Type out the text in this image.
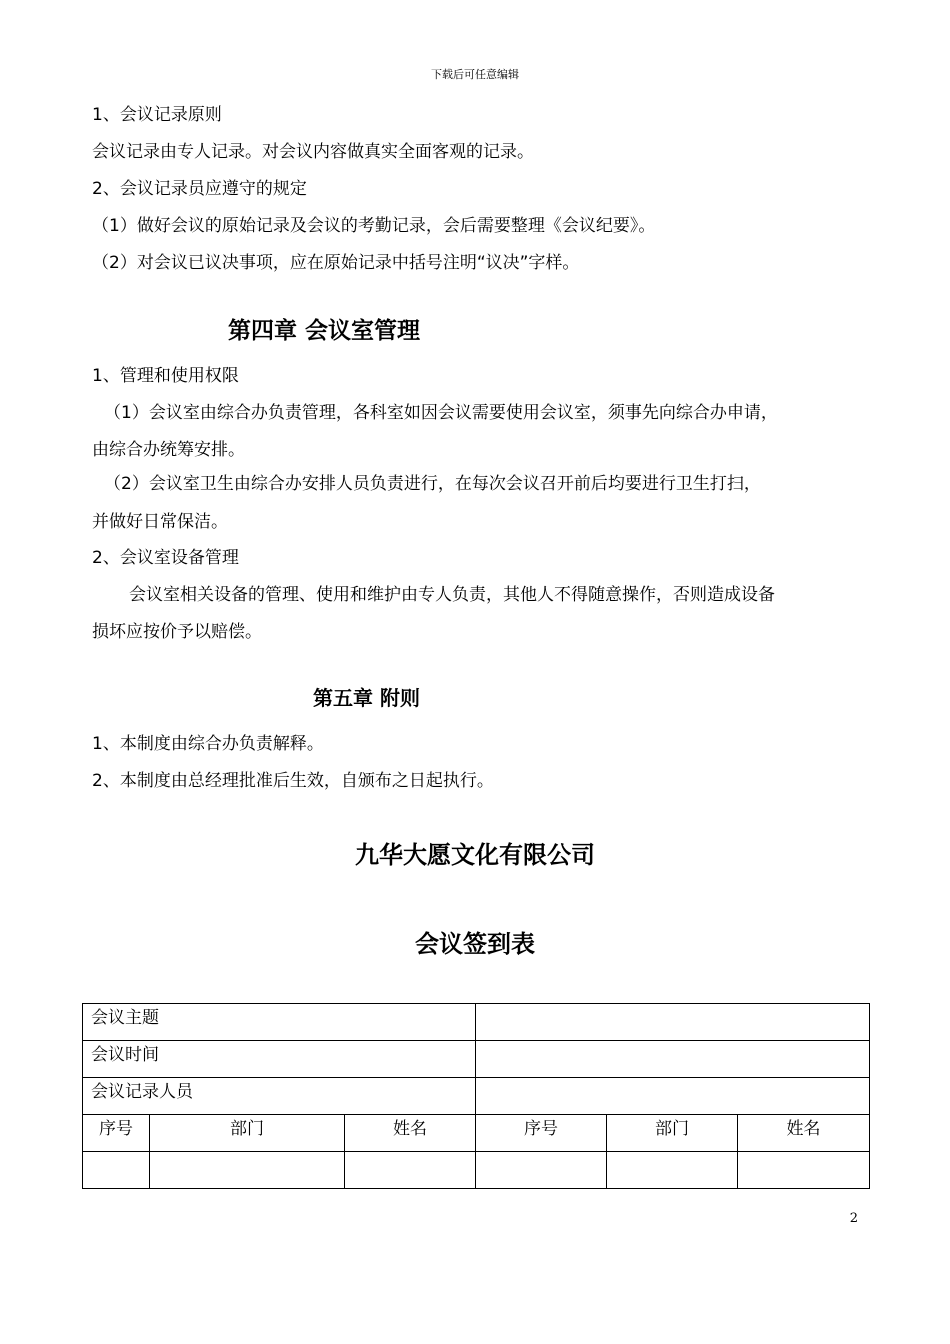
下载后可任意编辑
1、会议记录原则
会议记录由专人记录。对会议内容做真实全面客观的记录。
2、会议记录员应遵守的规定
（1）做好会议的原始记录及会议的考勤记录，会后需要整理《会议纪要》。
（2）对会议已议决事项，应在原始记录中括号注明“议决”字样。
第四章 会议室管理
1、管理和使用权限
（1）会议室由综合办负责管理，各科室如因会议需要使用会议室，须事先向综合办申请，
由综合办统筹安排。
（2）会议室卫生由综合办安排人员负责进行，在每次会议召开前后均要进行卫生打扫，
并做好日常保洁。
2、会议室设备管理
会议室相关设备的管理、使用和维护由专人负责，其他人不得随意操作，否则造成设备
损坏应按价予以赔偿。
第五章 附则
1、本制度由综合办负责解释。
2、本制度由总经理批准后生效，自颁布之日起执行。
九华大愿文化有限公司
会议签到表
会议主题					
会议时间					
会议记录人员					
序号	部门	姓名	序号	部门	姓名

2
